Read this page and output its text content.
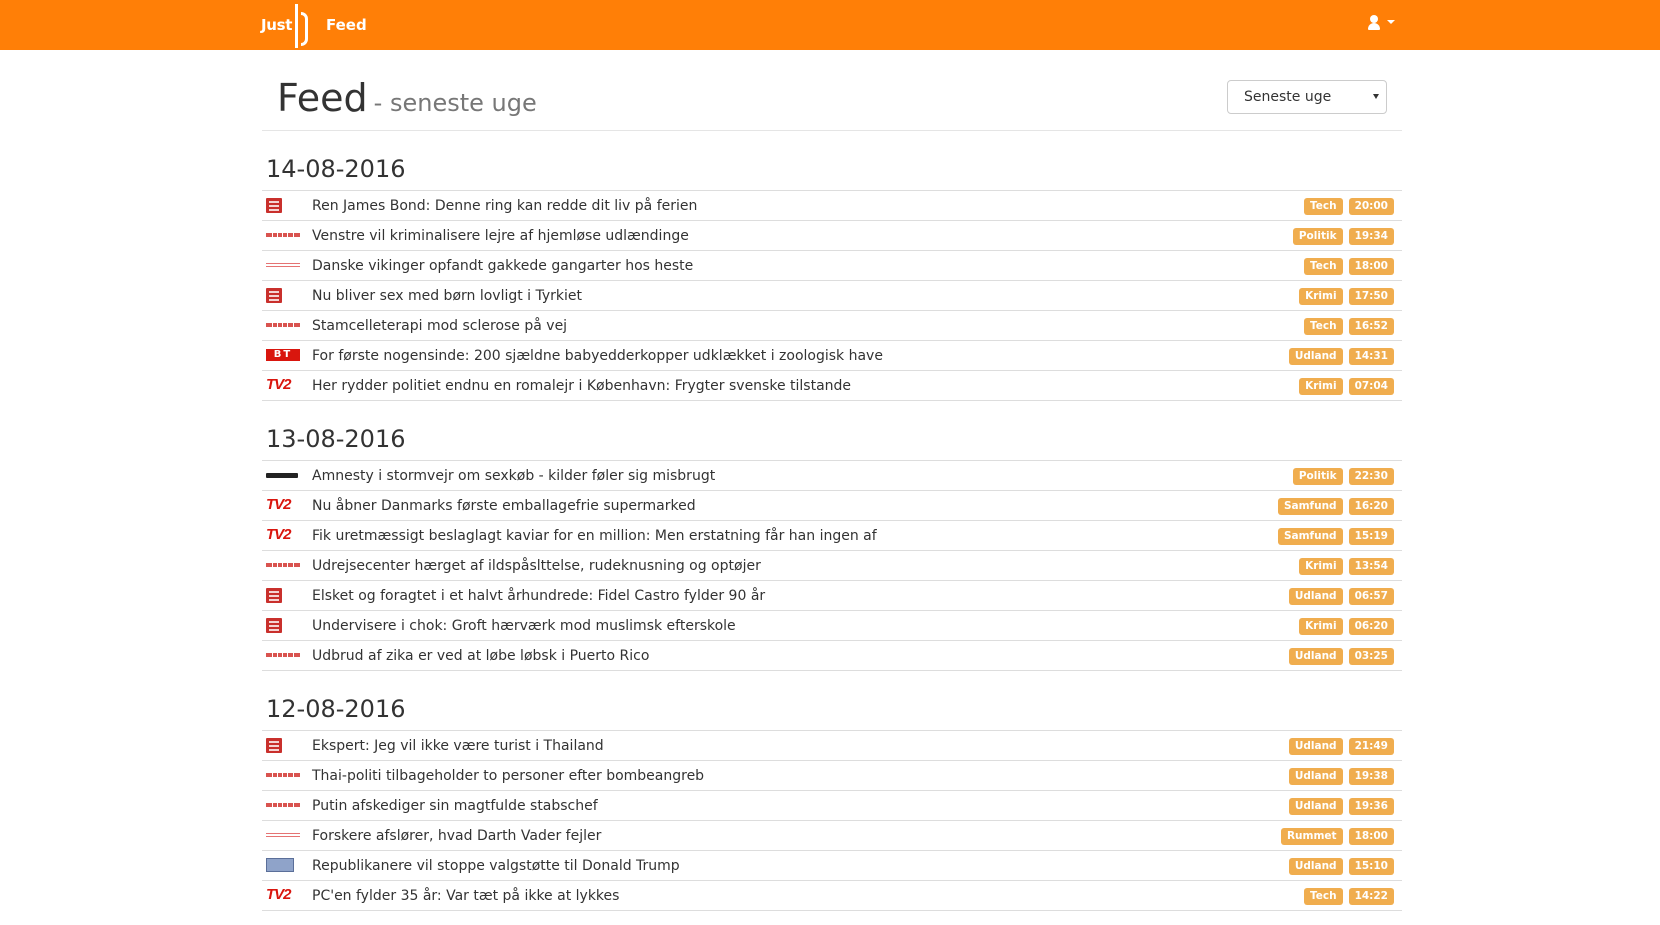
Just Feed
Feed - seneste uge	Seneste uge
14-08-2016
Ren James Bond: Denne ring kan redde dit liv på ferien	Tech	20:00
Venstre vil kriminalisere lejre af hjemløse udlændinge	Politik	19:34
Danske vikinger opfandt gakkede gangarter hos heste	Tech	18:00
Nu bliver sex med børn lovligt i Tyrkiet	Krimi	17:50
Stamcelleterapi mod sclerose på vej	Tech	16:52
BT	For første nogensinde: 200 sjældne babyedderkopper udklækket i zoologisk have	Udland	14:31
TV2	Her rydder politiet endnu en romalejr i København: Frygter svenske tilstande	Krimi	07:04
13-08-2016
Amnesty i stormvejr om sexkøb - kilder føler sig misbrugt	Politik	22:30
TV2	Nu åbner Danmarks første emballagefrie supermarked	Samfund	16:20
TV2	Fik uretmæssigt beslaglagt kaviar for en million: Men erstatning får han ingen af	Samfund	15:19
Udrejsecenter hærget af ildspåslttelse, rudeknusning og optøjer	Krimi	13:54
Elsket og foragtet i et halvt århundrede: Fidel Castro fylder 90 år	Udland	06:57
Undervisere i chok: Groft hærværk mod muslimsk efterskole	Krimi	06:20
Udbrud af zika er ved at løbe løbsk i Puerto Rico	Udland	03:25
12-08-2016
Ekspert: Jeg vil ikke være turist i Thailand	Udland	21:49
Thai-politi tilbageholder to personer efter bombeangreb	Udland	19:38
Putin afskediger sin magtfulde stabschef	Udland	19:36
Forskere afslører, hvad Darth Vader fejler	Rummet	18:00
Republikanere vil stoppe valgstøtte til Donald Trump	Udland	15:10
TV2	PC'en fylder 35 år: Var tæt på ikke at lykkes	Tech	14:22
